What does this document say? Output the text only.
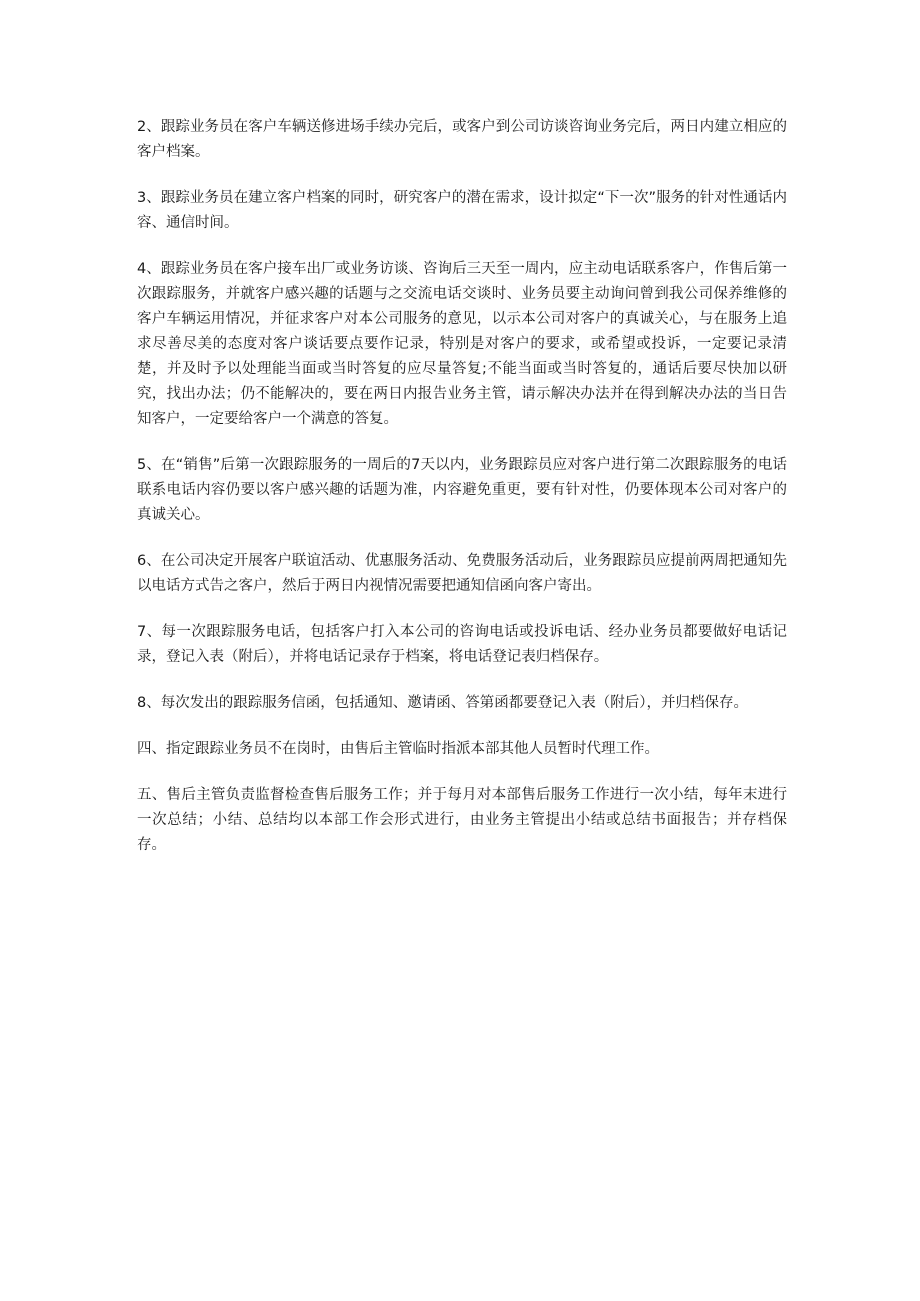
2、跟踪业务员在客户车辆送修进场手续办完后，或客户到公司访谈咨询业务完后，两日内建立相应的客户档案。

3、跟踪业务员在建立客户档案的同时，研究客户的潜在需求，设计拟定“下一次”服务的针对性通话内容、通信时间。

4、跟踪业务员在客户接车出厂或业务访谈、咨询后三天至一周内，应主动电话联系客户，作售后第一次跟踪服务，并就客户感兴趣的话题与之交流电话交谈时、业务员要主动询问曾到我公司保养维修的客户车辆运用情况，并征求客户对本公司服务的意见，以示本公司对客户的真诚关心，与在服务上追求尽善尽美的态度对客户谈话要点要作记录，特别是对客户的要求，或希望或投诉，一定要记录清楚，并及时予以处理能当面或当时答复的应尽量答复;不能当面或当时答复的，通话后要尽快加以研究，找出办法；仍不能解决的，要在两日内报告业务主管，请示解决办法并在得到解决办法的当日告知客户，一定要给客户一个满意的答复。

5、在“销售”后第一次跟踪服务的一周后的7天以内，业务跟踪员应对客户进行第二次跟踪服务的电话联系电话内容仍要以客户感兴趣的话题为准，内容避免重更，要有针对性，仍要体现本公司对客户的真诚关心。

6、在公司决定开展客户联谊活动、优惠服务活动、免费服务活动后，业务跟踪员应提前两周把通知先以电话方式告之客户，然后于两日内视情况需要把通知信函向客户寄出。

7、每一次跟踪服务电话，包括客户打入本公司的咨询电话或投诉电话、经办业务员都要做好电话记录，登记入表（附后），并将电话记录存于档案，将电话登记表归档保存。

8、每次发出的跟踪服务信函，包括通知、邀请函、答第函都要登记入表（附后），并归档保存。

四、指定跟踪业务员不在岗时，由售后主管临时指派本部其他人员暂时代理工作。

五、售后主管负责监督检查售后服务工作；并于每月对本部售后服务工作进行一次小结，每年末进行一次总结；小结、总结均以本部工作会形式进行，由业务主管提出小结或总结书面报告；并存档保存。
